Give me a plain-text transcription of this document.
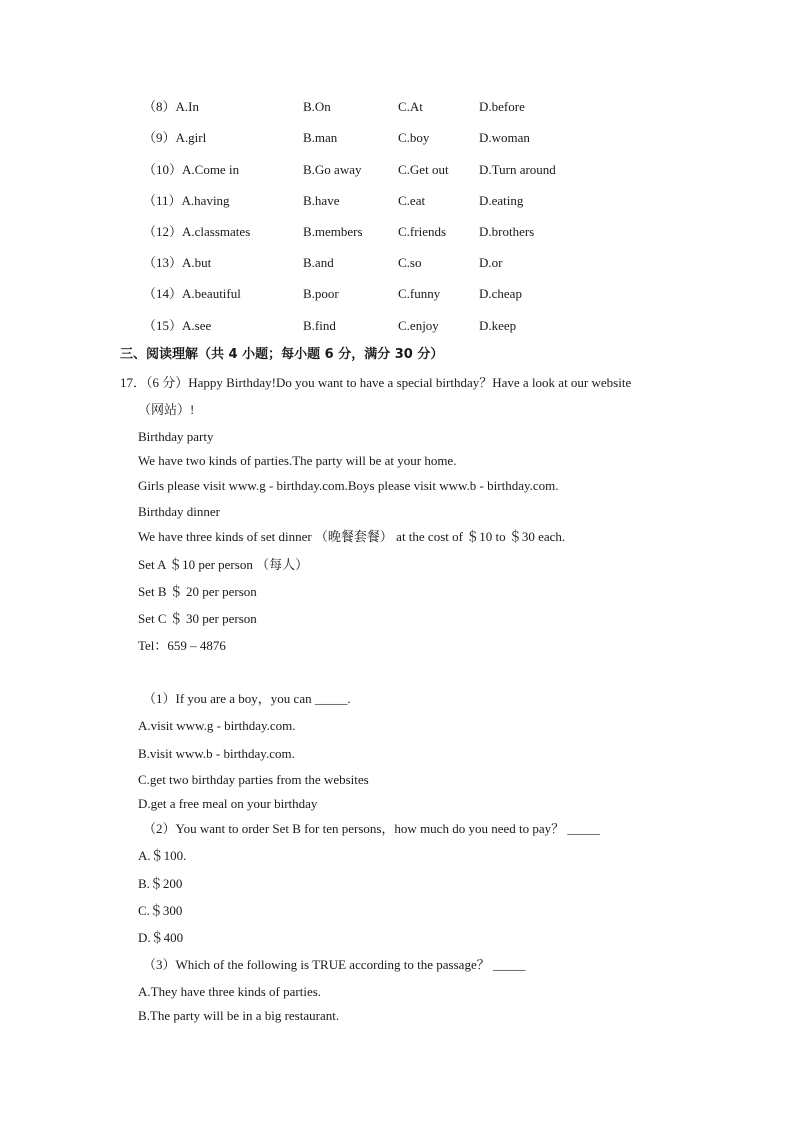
（8）A.In	B.On	C.At	D.before
（9）A.girl	B.man	C.boy	D.woman
（10）A.Come in	B.Go away	C.Get out D.Turn around
（11）A.having	B.have	C.eat	D.eating
（12）A.classmates	B.members	C.friends	D.brothers
（13）A.but	B.and	C.so	D.or
（14）A.beautiful	B.poor	C.funny	D.cheap
（15）A.see	B.find	C.enjoy	D.keep
三、阅读理解（共 4 小题；每小题 6 分，满分 30 分）
17．（6 分）Happy Birthday!Do you want to have a special birthday？Have a look at our website
（网站）!
Birthday party
We have two kinds of parties.The party will be at your home.
Girls please visit www.g - birthday.com.Boys please visit www.b - birthday.com.
Birthday dinner
We have three kinds of set dinner （晚餐套餐） at the cost of ＄10 to ＄30 each.
Set A ＄10 per person （每人）
Set B ＄ 20 per person
Set C ＄ 30 per person
Tel：659 – 4876
（1）If you are a boy，you can _____.
A.visit www.g - birthday.com.
B.visit www.b - birthday.com.
C.get two birthday parties from the websites
D.get a free meal on your birthday
（2）You want to order Set B for ten persons，how much do you need to pay？ _____
A.＄100.
B.＄200
C.＄300
D.＄400
（3）Which of the following is TRUE according to the passage？ _____
A.They have three kinds of parties.
B.The party will be in a big restaurant.
